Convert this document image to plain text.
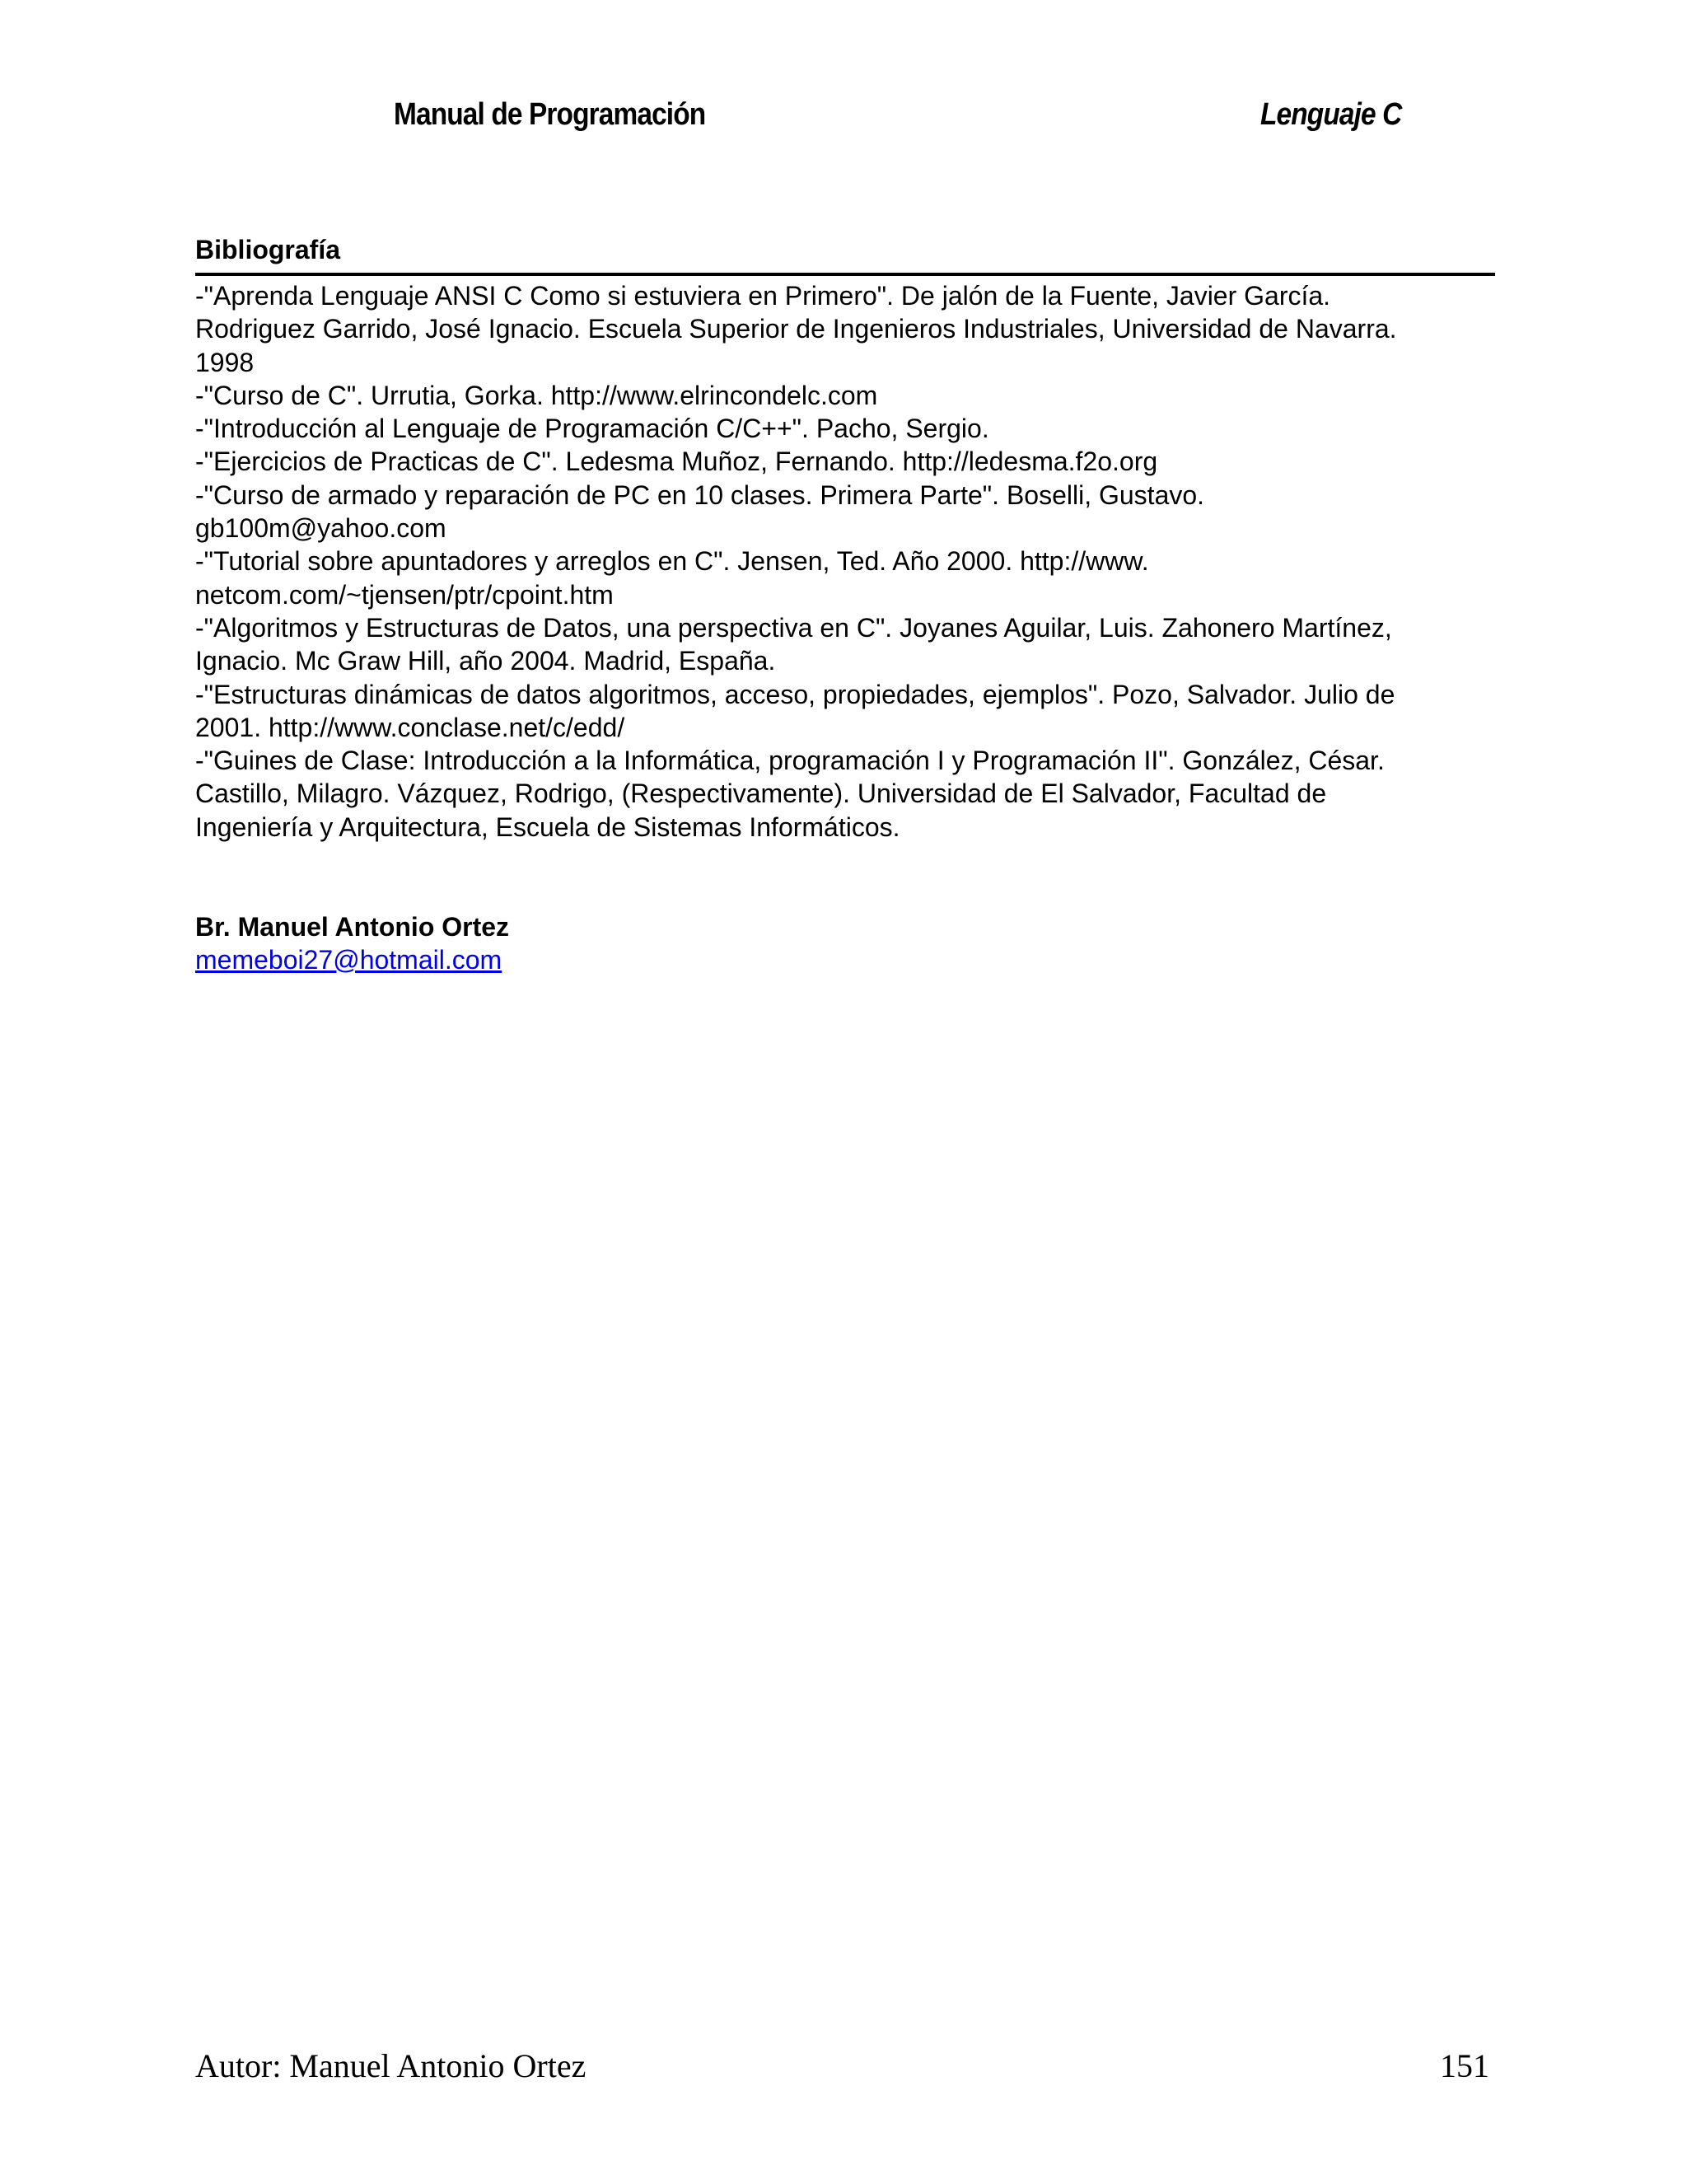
Manual de Programación	Lenguaje C
Bibliografía
-"Aprenda Lenguaje ANSI C Como si estuviera en Primero". De jalón de la Fuente, Javier García.
Rodriguez Garrido, José Ignacio. Escuela Superior de Ingenieros Industriales, Universidad de Navarra.
1998
-"Curso de C". Urrutia, Gorka. http://www.elrincondelc.com
-"Introducción al Lenguaje de Programación C/C++". Pacho, Sergio.
-"Ejercicios de Practicas de C". Ledesma Muñoz, Fernando. http://ledesma.f2o.org
-"Curso de armado y reparación de PC en 10 clases. Primera Parte". Boselli, Gustavo.
gb100m@yahoo.com
-"Tutorial sobre apuntadores y arreglos en C". Jensen, Ted. Año 2000. http://www.
netcom.com/~tjensen/ptr/cpoint.htm
-"Algoritmos y Estructuras de Datos, una perspectiva en C". Joyanes Aguilar, Luis. Zahonero Martínez,
Ignacio. Mc Graw Hill, año 2004. Madrid, España.
-"Estructuras dinámicas de datos algoritmos, acceso, propiedades, ejemplos". Pozo, Salvador. Julio de
2001. http://www.conclase.net/c/edd/
-"Guines de Clase: Introducción a la Informática, programación I y Programación II". González, César.
Castillo, Milagro. Vázquez, Rodrigo, (Respectivamente). Universidad de El Salvador, Facultad de
Ingeniería y Arquitectura, Escuela de Sistemas Informáticos.
Br. Manuel Antonio Ortez
memeboi27@hotmail.com
Autor: Manuel Antonio Ortez	151
